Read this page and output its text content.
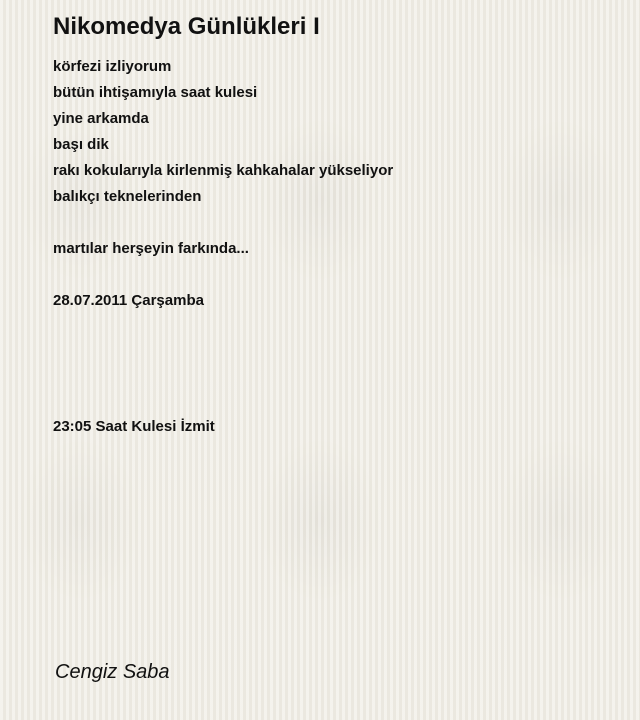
Nikomedya Günlükleri I
körfezi izliyorum
bütün ihtişamıyla saat kulesi
yine arkamda
başı dik
rakı kokularıyla kirlenmiş kahkahalar yükseliyor
balıkçı teknelerinden
martılar herşeyin farkında...
28.07.2011 Çarşamba
23:05 Saat Kulesi İzmit
Cengiz Saba
